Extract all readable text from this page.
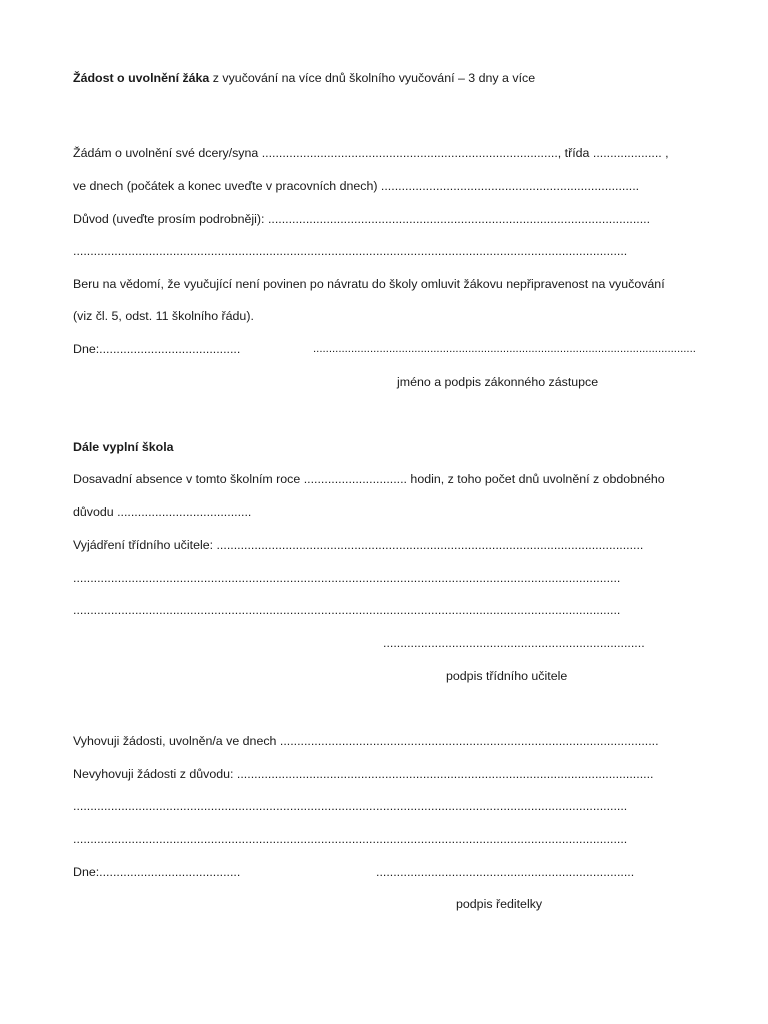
Žádost o uvolnění žáka z vyučování na více dnů školního vyučování – 3 dny a více
Žádám o uvolnění své dcery/syna ......................................................................................, třída .................... ,
ve dnech (počátek a konec uveďte v pracovních dnech) ...........................................................................
Důvod (uveďte prosím podrobněji): ...............................................................................................................
.................................................................................................................................................................
Beru na vědomí, že vyučující není povinen po návratu do školy omluvit žákovu nepřipravenost na vyučování
(viz čl. 5, odst. 11 školního řádu).
Dne:.........................................	.........................................................................................................................
jméno a podpis zákonného zástupce
Dále vyplní škola
Dosavadní absence v tomto školním roce .............................. hodin, z toho počet dnů uvolnění z obdobného
důvodu .......................................
Vyjádření třídního učitele: ............................................................................................................................
...............................................................................................................................................................
...............................................................................................................................................................
............................................................................
podpis třídního učitele
Vyhovuji žádosti, uvolněn/a ve dnech ..............................................................................................................
Nevyhovuji žádosti z důvodu: .........................................................................................................................
.................................................................................................................................................................
.................................................................................................................................................................
Dne:.........................................	...........................................................................
podpis ředitelky
